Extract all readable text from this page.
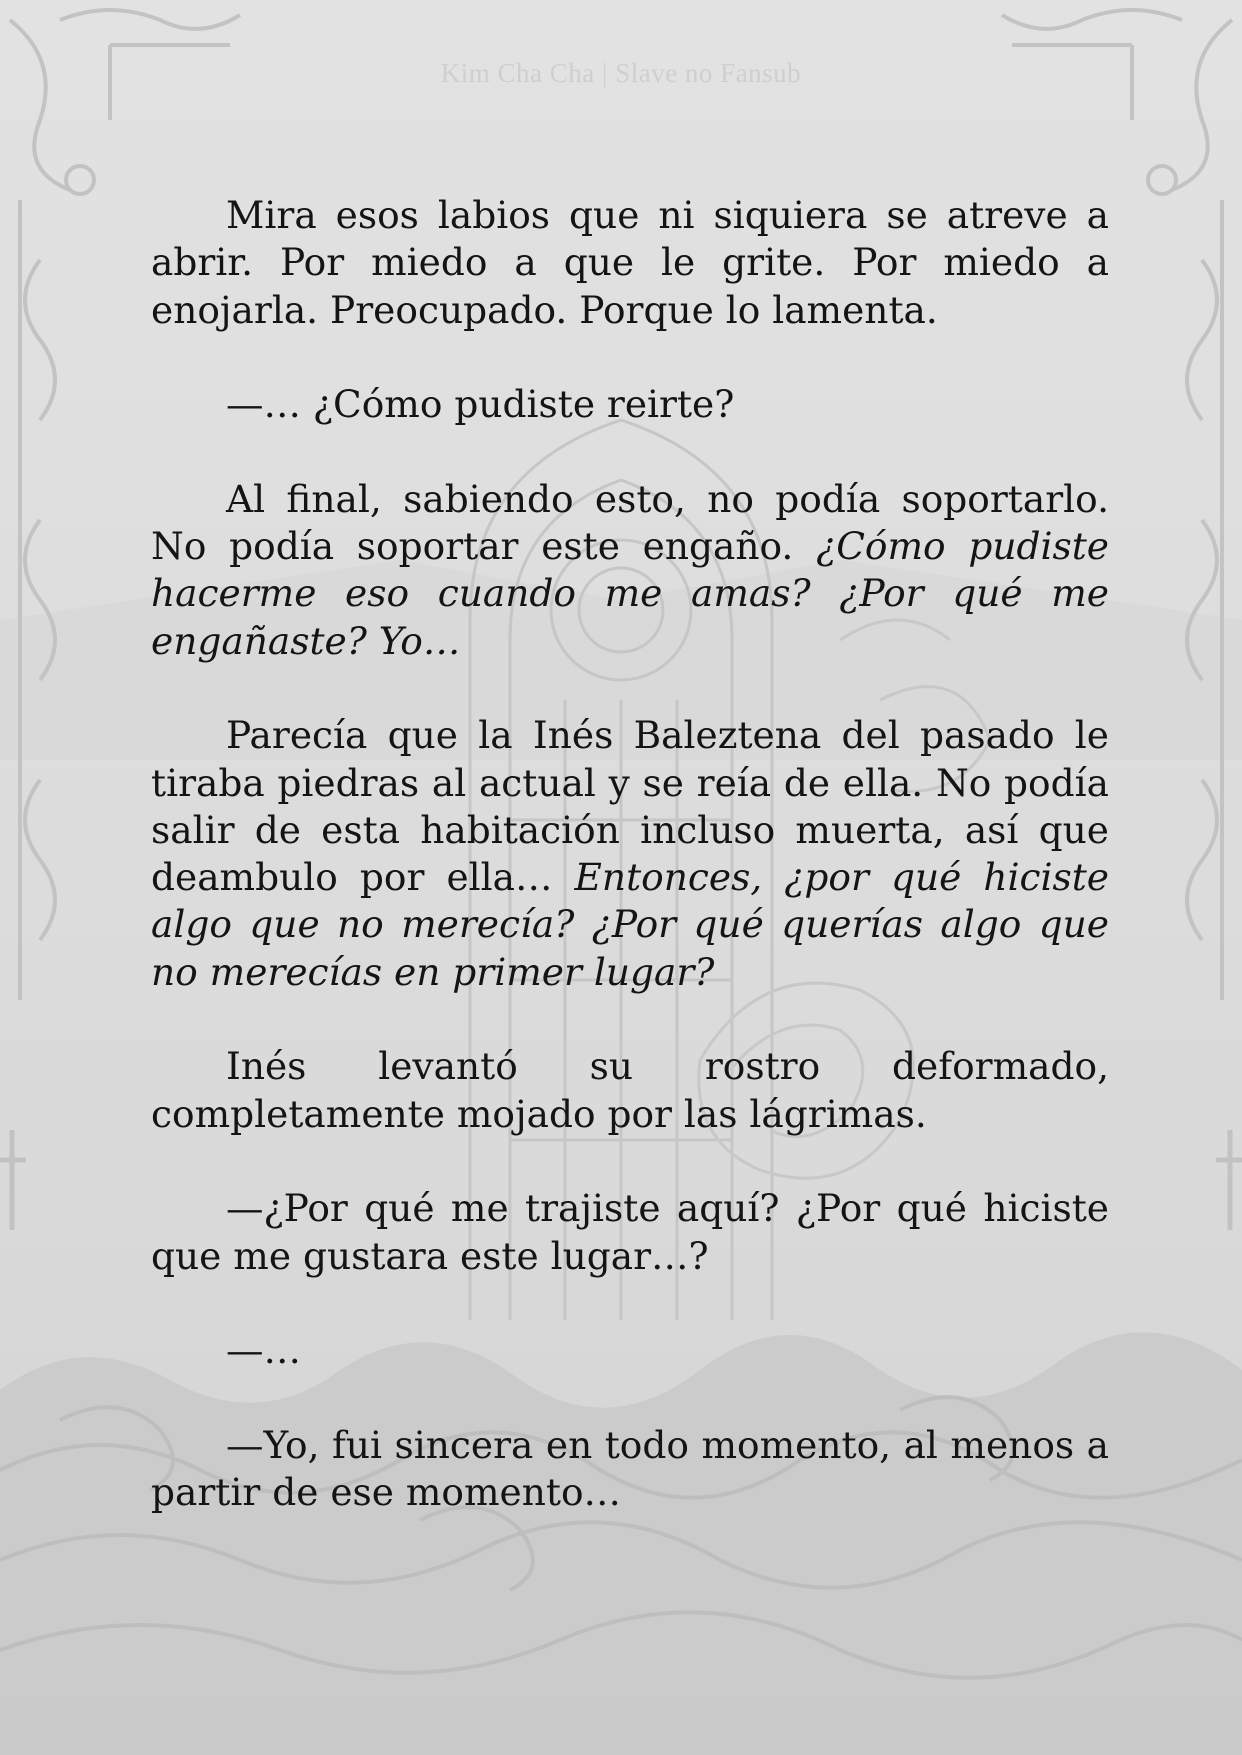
Kim Cha Cha | Slave no Fansub

Mira esos labios que ni siquiera se atreve a abrir. Por miedo a que le grite. Por miedo a enojarla. Preocupado. Porque lo lamenta.

—… ¿Cómo pudiste reirte?

Al final, sabiendo esto, no podía soportarlo. No podía soportar este engaño. ¿Cómo pudiste hacerme eso cuando me amas? ¿Por qué me engañaste? Yo…

Parecía que la Inés Baleztena del pasado le tiraba piedras al actual y se reía de ella. No podía salir de esta habitación incluso muerta, así que deambulo por ella… Entonces, ¿por qué hiciste algo que no merecía? ¿Por qué querías algo que no merecías en primer lugar?

Inés levantó su rostro deformado, completamente mojado por las lágrimas.

—¿Por qué me trajiste aquí? ¿Por qué hiciste que me gustara este lugar…?

—…

—Yo, fui sincera en todo momento, al menos a partir de ese momento…
